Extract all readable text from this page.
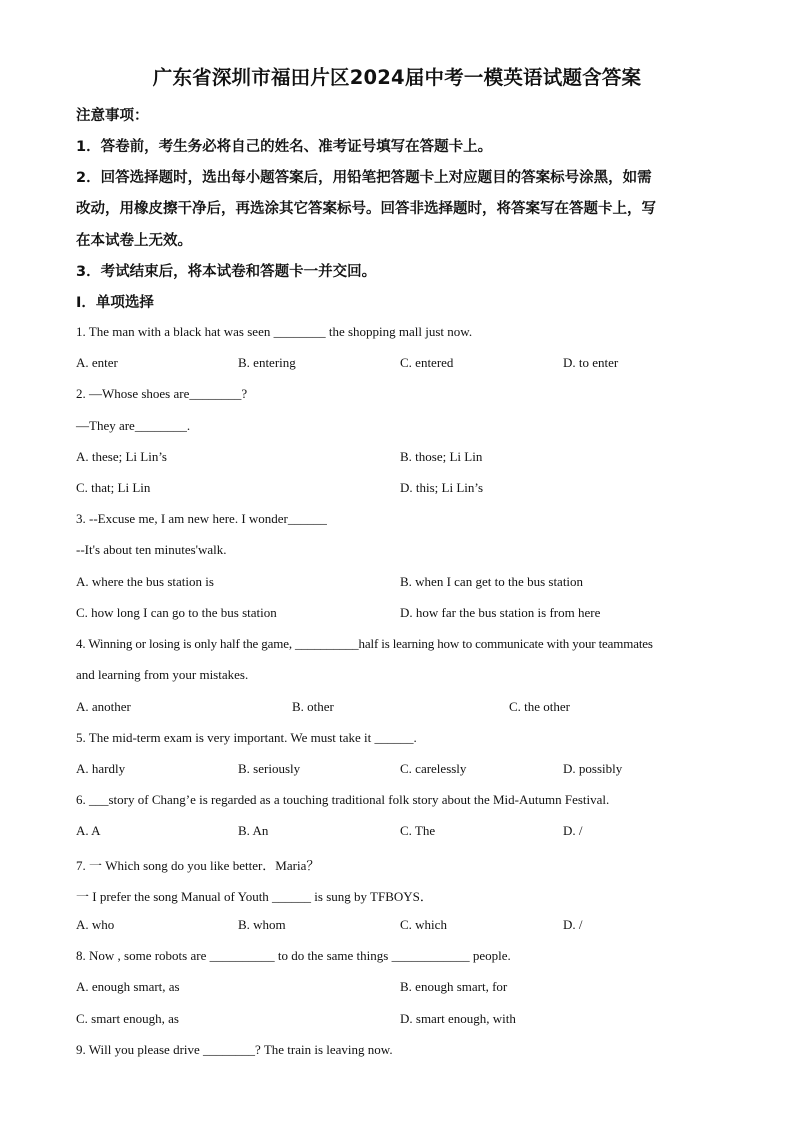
广东省深圳市福田片区2024届中考一模英语试题含答案
注意事项：
1．答卷前，考生务必将自己的姓名、准考证号填写在答题卡上。
2．回答选择题时，选出每小题答案后，用铅笔把答题卡上对应题目的答案标号涂黑，如需
改动，用橡皮擦干净后，再选涂其它答案标号。回答非选择题时，将答案写在答题卡上，写
在本试卷上无效。
3．考试结束后，将本试卷和答题卡一并交回。
Ⅰ．单项选择
1. The man with a black hat was seen ________ the shopping mall just now.
A. enter	B. entering	C. entered	D. to enter
2. —Whose shoes are________?
—They are________.
A. these; Li Lin’s	B. those; Li Lin
C. that; Li Lin	D. this; Li Lin’s
3. --Excuse me, I am new here. I wonder______
--It's about ten minutes'walk.
A. where the bus station is	B. when I can get to the bus station
C. how long I can go to the bus station	D. how far the bus station is from here
4. Winning or losing is only half the game, __________half is learning how to communicate with your teammates
and learning from your mistakes.
A. another	B. other	C. the other
5. The mid-term exam is very important. We must take it ______.
A. hardly	B. seriously	C. carelessly	D. possibly
6. ___story of Chang’e is regarded as a touching traditional folk story about the Mid-Autumn Festival.
A. A	B. An	C. The	D. /
7. 一 Which song do you like better．Maria？
一 I prefer the song Manual of Youth ______ is sung by TFBOYS．
A. who	B. whom	C. which	D. /
8. Now , some robots are __________ to do the same things ____________ people.
A. enough smart, as	B. enough smart, for
C. smart enough, as	D. smart enough, with
9. Will you please drive ________? The train is leaving now.
